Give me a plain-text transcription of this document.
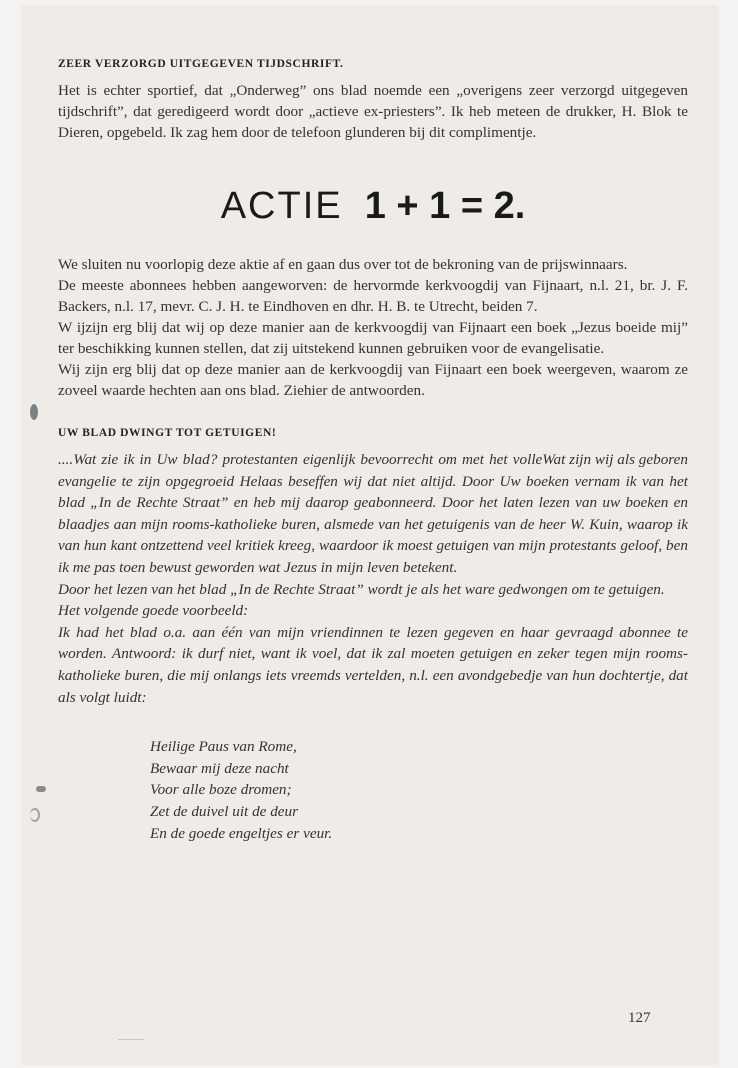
ZEER VERZORGD UITGEGEVEN TIJDSCHRIFT.

Het is echter sportief, dat „Onderweg” ons blad noemde een „overigens zeer verzorgd uitgegeven tijdschrift”, dat geredigeerd wordt door „actieve ex-priesters”. Ik heb meteen de drukker, H. Blok te Dieren, opgebeld. Ik zag hem door de telefoon glunderen bij dit complimentje.

ACTIE 1 + 1 = 2.

We sluiten nu voorlopig deze aktie af en gaan dus over tot de bekroning van de prijswinnaars.

De meeste abonnees hebben aangeworven: de hervormde kerkvoogdij van Fijnaart, n.l. 21, br. J. F. Backers, n.l. 17, mevr. C. J. H. te Eindhoven en dhr. H. B. te Utrecht, beiden 7.

W ijzijn erg blij dat wij op deze manier aan de kerkvoogdij van Fijnaart een boek „Jezus boeide mij” ter beschikking kunnen stellen, dat zij uitstekend kunnen gebruiken voor de evangelisatie.

Wij zijn erg blij dat op deze manier aan de kerkvoogdij van Fijnaart een boek weergeven, waarom ze zoveel waarde hechten aan ons blad. Ziehier de antwoorden.

UW BLAD DWINGT TOT GETUIGEN!

Wat zijn wij als geboren
....Wat zie ik in Uw blad? protestanten eigenlijk bevoorrecht om met het volle evangelie te zijn opgegroeid Helaas beseffen wij dat niet altijd. Door Uw boeken vernam ik van het blad „In de Rechte Straat” en heb mij daarop geabonneerd. Door het laten lezen van uw boeken en blaadjes aan mijn rooms-katholieke buren, alsmede van het getuigenis van de heer W. Kuin, waarop ik van hun kant ontzettend veel kritiek kreeg, waardoor ik moest getuigen van mijn protestants geloof, ben ik me pas toen bewust geworden wat Jezus in mijn leven betekent.

Door het lezen van het blad „In de Rechte Straat” wordt je als het ware gedwongen om te getuigen.

Het volgende goede voorbeeld:

Ik had het blad o.a. aan één van mijn vriendinnen te lezen gegeven en haar gevraagd abonnee te worden. Antwoord: ik durf niet, want ik voel, dat ik zal moeten getuigen en zeker tegen mijn rooms-katholieke buren, die mij onlangs iets vreemds vertelden, n.l. een avondgebedje van hun dochtertje, dat als volgt luidt:

Heilige Paus van Rome,
Bewaar mij deze nacht
Voor alle boze dromen;
Zet de duivel uit de deur
En de goede engeltjes er veur.
127
